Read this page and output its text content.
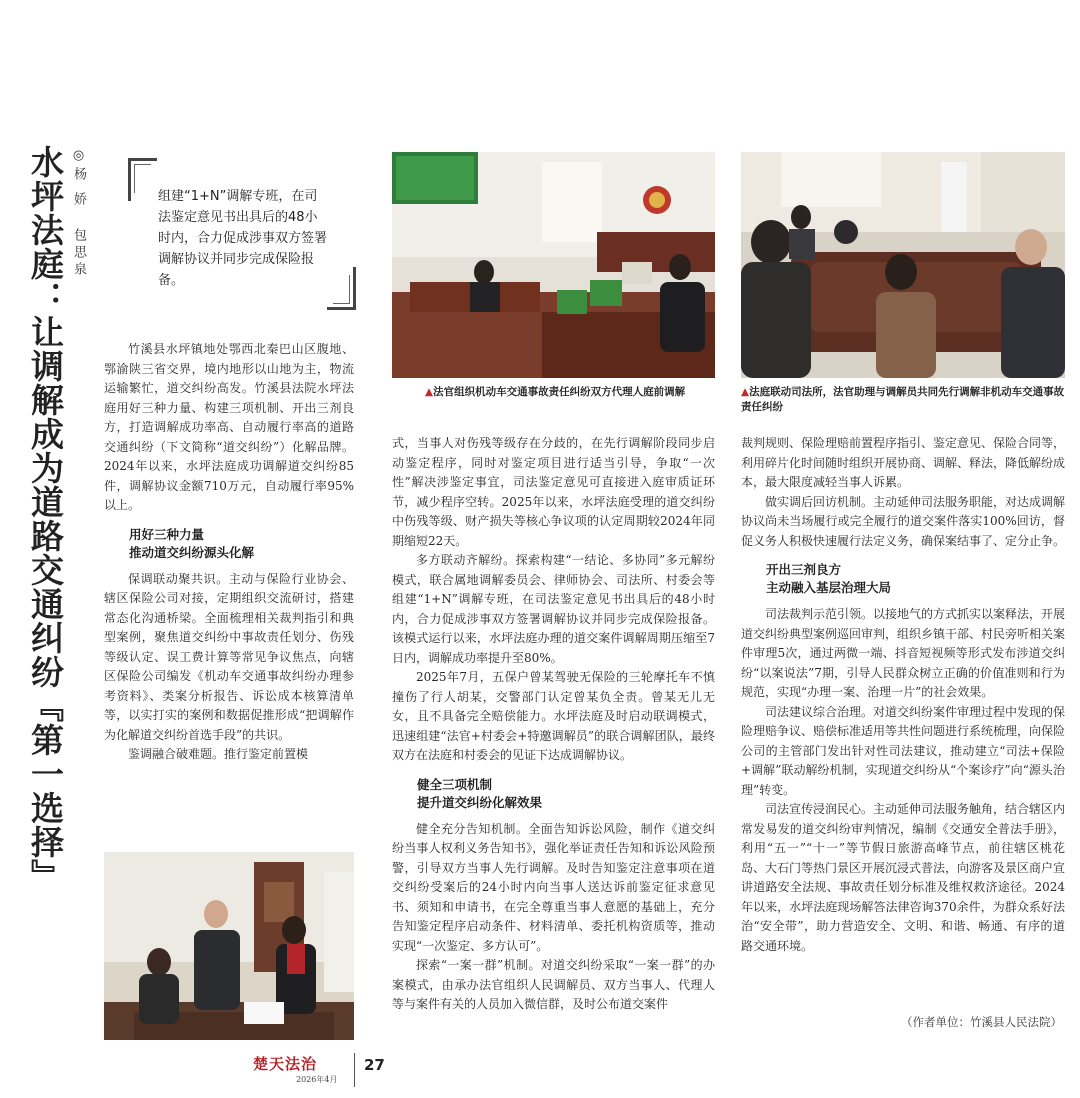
水坪法庭：让调解成为道路交通纠纷『第一选择』 ◎杨 娇
包思泉

组建“1+N”调解专班，在司法鉴定意见书出具后的48小时内，合力促成涉事双方签署调解协议并同步完成保险报备。

竹溪县水坪镇地处鄂西北秦巴山区腹地、鄂渝陕三省交界，境内地形以山地为主，物流运输繁忙，道交纠纷高发。竹溪县法院水坪法庭用好三种力量、构建三项机制、开出三剂良方，打造调解成功率高、自动履行率高的道路交通纠纷（下文简称“道交纠纷”）化解品牌。2024年以来，水坪法庭成功调解道交纠纷85件，调解协议金额710万元，自动履行率95%以上。

用好三种力量
推动道交纠纷源头化解

保调联动聚共识。主动与保险行业协会、辖区保险公司对接，定期组织交流研讨，搭建常态化沟通桥梁。全面梳理相关裁判指引和典型案例，聚焦道交纠纷中事故责任划分、伤残等级认定、误工费计算等常见争议焦点，向辖区保险公司编发《机动车交通事故纠纷办理参考资料》、类案分析报告、诉讼成本核算清单等，以实打实的案例和数据促推形成“把调解作为化解道交纠纷首选手段”的共识。

鉴调融合破难题。推行鉴定前置模

▲法官组织机动车交通事故责任纠纷双方代理人庭前调解	▲法庭联动司法所，法官助理与调解员共同先行调解非机动车交通事故责任纠纷

式，当事人对伤残等级存在分歧的，在先行调解阶段同步启动鉴定程序，同时对鉴定项目进行适当引导，争取“一次性”解决涉鉴定事宜，司法鉴定意见可直接进入庭审质证环节，减少程序空转。2025年以来，水坪法庭受理的道交纠纷中伤残等级、财产损失等核心争议项的认定周期较2024年同期缩短22天。

多方联动齐解纷。探索构建“一结论、多协同”多元解纷模式，联合属地调解委员会、律师协会、司法所、村委会等组建“1+N”调解专班，在司法鉴定意见书出具后的48小时内，合力促成涉事双方签署调解协议并同步完成保险报备。该模式运行以来，水坪法庭办理的道交案件调解周期压缩至7日内，调解成功率提升至80%。

2025年7月，五保户曾某驾驶无保险的三轮摩托车不慎撞伤了行人胡某，交警部门认定曾某负全责。曾某无儿无女，且不具备完全赔偿能力。水坪法庭及时启动联调模式，迅速组建“法官+村委会+特邀调解员”的联合调解团队，最终双方在法庭和村委会的见证下达成调解协议。

健全三项机制
提升道交纠纷化解效果

健全充分告知机制。全面告知诉讼风险，制作《道交纠纷当事人权利义务告知书》，强化举证责任告知和诉讼风险预警，引导双方当事人先行调解。及时告知鉴定注意事项在道交纠纷受案后的24小时内向当事人送达诉前鉴定征求意见书、须知和申请书，在完全尊重当事人意愿的基础上，充分告知鉴定程序启动条件、材料清单、委托机构资质等，推动实现“一次鉴定、多方认可”。

探索“一案一群”机制。对道交纠纷采取“一案一群”的办案模式，由承办法官组织人民调解员、双方当事人、代理人等与案件有关的人员加入微信群，及时公布道交案件

裁判规则、保险理赔前置程序指引、鉴定意见、保险合同等，利用碎片化时间随时组织开展协商、调解、释法，降低解纷成本，最大限度减轻当事人诉累。

做实调后回访机制。主动延伸司法服务职能，对达成调解协议尚未当场履行或完全履行的道交案件落实100%回访，督促义务人积极快速履行法定义务，确保案结事了、定分止争。

开出三剂良方
主动融入基层治理大局

司法裁判示范引领。以接地气的方式抓实以案释法，开展道交纠纷典型案例巡回审判，组织乡镇干部、村民旁听相关案件审理5次，通过两微一端、抖音短视频等形式发布涉道交纠纷“以案说法”7期，引导人民群众树立正确的价值准则和行为规范，实现“办理一案、治理一片”的社会效果。

司法建议综合治理。对道交纠纷案件审理过程中发现的保险理赔争议、赔偿标准适用等共性问题进行系统梳理，向保险公司的主管部门发出针对性司法建议，推动建立“司法+保险+调解”联动解纷机制，实现道交纠纷从“个案诊疗”向“源头治理”转变。

司法宣传浸润民心。主动延伸司法服务触角，结合辖区内常发易发的道交纠纷审判情况，编制《交通安全普法手册》，利用“五一”“十一”等节假日旅游高峰节点，前往辖区桃花岛、大石门等热门景区开展沉浸式普法，向游客及景区商户宣讲道路安全法规、事故责任划分标准及维权救济途径。2024年以来，水坪法庭现场解答法律咨询370余件，为群众系好法治“安全带”，助力营造安全、文明、和谐、畅通、有序的道路交通环境。

（作者单位：竹溪县人民法院）
楚天法治
2026年4月
27
